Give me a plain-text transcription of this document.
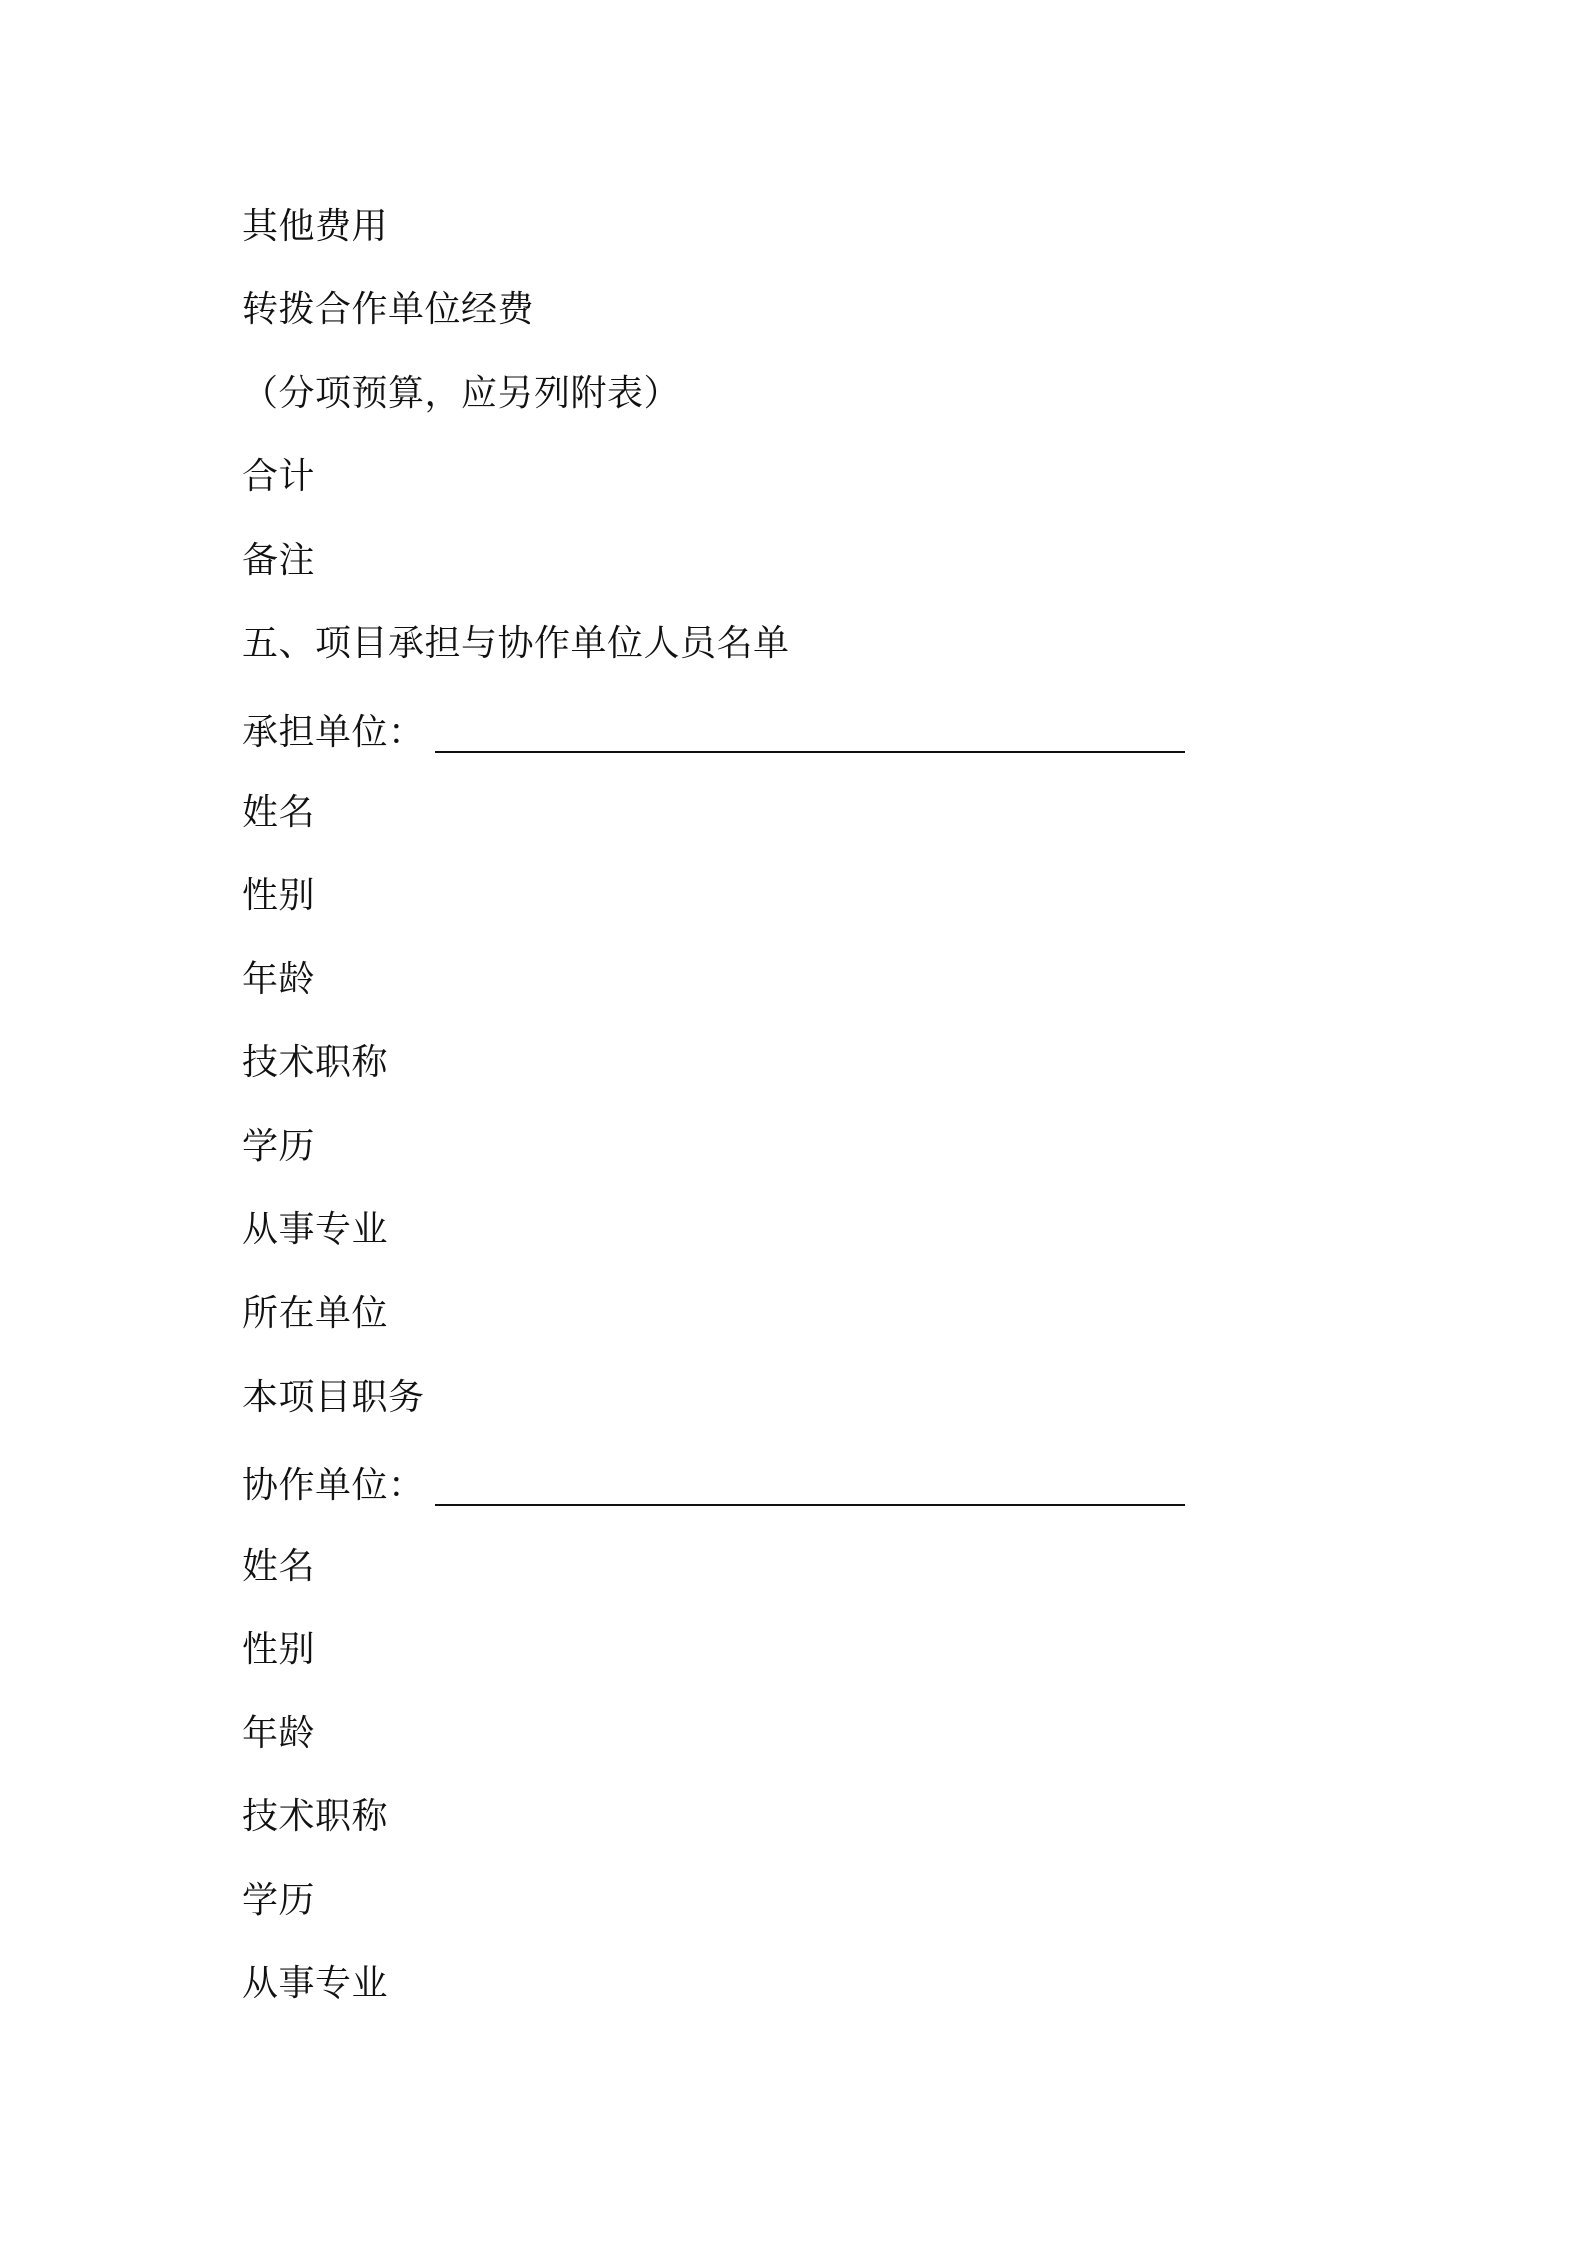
其他费用
转拨合作单位经费
（分项预算，应另列附表）
合计
备注
五、项目承担与协作单位人员名单
承担单位：
姓名
性别
年龄
技术职称
学历
从事专业
所在单位
本项目职务
协作单位：
姓名
性别
年龄
技术职称
学历
从事专业
